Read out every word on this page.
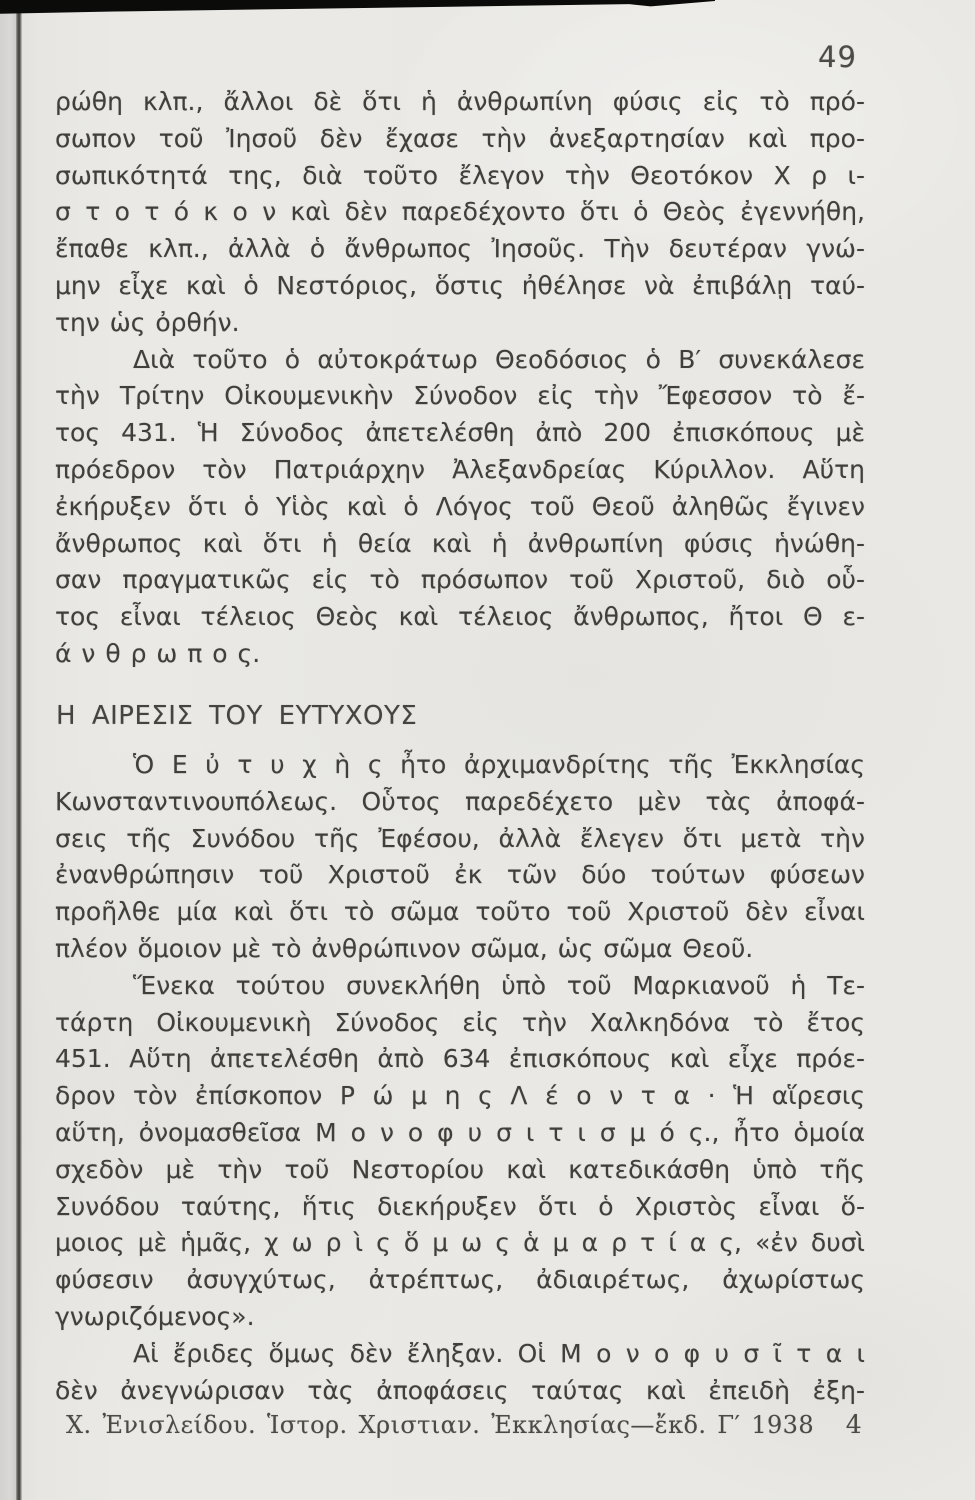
49
ρώθη κλπ., ἄλλοι δὲ ὅτι ἡ ἀνθρωπίνη φύσις εἰς τὸ πρό-
σωπον τοῦ Ἰησοῦ δὲν ἔχασε τὴν ἀνεξαρτησίαν καὶ προ-
σωπικότητά της, διὰ τοῦτο ἔλεγον τὴν Θεοτόκον Χ ρ ι-
σ τ ο τ ό κ ο ν καὶ δὲν παρεδέχοντο ὅτι ὁ Θεὸς ἐγεννήθη,
ἔπαθε κλπ., ἀλλὰ ὁ ἄνθρωπος Ἰησοῦς. Τὴν δευτέραν γνώ-
μην εἶχε καὶ ὁ Νεστόριος, ὅστις ἠθέλησε νὰ ἐπιβάλῃ ταύ-
την ὡς ὀρθήν.
Διὰ τοῦτο ὁ αὐτοκράτωρ Θεοδόσιος ὁ Β′ συνεκάλεσε
τὴν Τρίτην Οἰκουμενικὴν Σύνοδον εἰς τὴν Ἔφεσσον τὸ ἔ-
τος 431. Ἡ Σύνοδος ἀπετελέσθη ἀπὸ 200 ἐπισκόπους μὲ
πρόεδρον τὸν Πατριάρχην Ἀλεξανδρείας Κύριλλον. Αὕτη
ἐκήρυξεν ὅτι ὁ Υἱὸς καὶ ὁ Λόγος τοῦ Θεοῦ ἀληθῶς ἔγινεν
ἄνθρωπος καὶ ὅτι ἡ θεία καὶ ἡ ἀνθρωπίνη φύσις ἡνώθη-
σαν πραγματικῶς εἰς τὸ πρόσωπον τοῦ Χριστοῦ, διὸ οὗ-
τος εἶναι τέλειος Θεὸς καὶ τέλειος ἄνθρωπος, ἤτοι Θ ε-
ά ν θ ρ ω π ο ς.
Η ΑΙΡΕΣΙΣ ΤΟΥ ΕΥΤΥΧΟΥΣ
Ὁ Ε ὐ τ υ χ ὴ ς ἦτο ἀρχιμανδρίτης τῆς Ἐκκλησίας
Κωνσταντινουπόλεως. Οὗτος παρεδέχετο μὲν τὰς ἀποφά-
σεις τῆς Συνόδου τῆς Ἐφέσου, ἀλλὰ ἔλεγεν ὅτι μετὰ τὴν
ἐνανθρώπησιν τοῦ Χριστοῦ ἐκ τῶν δύο τούτων φύσεων
προῆλθε μία καὶ ὅτι τὸ σῶμα τοῦτο τοῦ Χριστοῦ δὲν εἶναι
πλέον ὅμοιον μὲ τὸ ἀνθρώπινον σῶμα, ὡς σῶμα Θεοῦ.
Ἕνεκα τούτου συνεκλήθη ὑπὸ τοῦ Μαρκιανοῦ ἡ Τε-
τάρτη Οἰκουμενικὴ Σύνοδος εἰς τὴν Χαλκηδόνα τὸ ἔτος
451. Αὕτη ἀπετελέσθη ἀπὸ 634 ἐπισκόπους καὶ εἶχε πρόε-
δρον τὸν ἐπίσκοπον Ρ ώ μ η ς Λ έ ο ν τ α · Ἡ αἵρεσις
αὕτη, ὀνομασθεῖσα Μ ο ν ο φ υ σ ι τ ι σ μ ό ς., ἦτο ὁμοία
σχεδὸν μὲ τὴν τοῦ Νεστορίου καὶ κατεδικάσθη ὑπὸ τῆς
Συνόδου ταύτης, ἥτις διεκήρυξεν ὅτι ὁ Χριστὸς εἶναι ὅ-
μοιος μὲ ἡμᾶς, χ ω ρ ὶ ς ὅ μ ω ς ἁ μ α ρ τ ί α ς, «ἐν δυσὶ
φύσεσιν ἀσυγχύτως, ἀτρέπτως, ἀδιαιρέτως, ἀχωρίστως
γνωριζόμενος».
Αἱ ἔριδες ὅμως δὲν ἔληξαν. Οἱ Μ ο ν ο φ υ σ ῖ τ α ι
δὲν ἀνεγνώρισαν τὰς ἀποφάσεις ταύτας καὶ ἐπειδὴ ἐξη-
Χ. Ἐνισλείδου. Ἱστορ. Χριστιαν. Ἐκκλησίας—ἔκδ. Γ′ 1938 4
